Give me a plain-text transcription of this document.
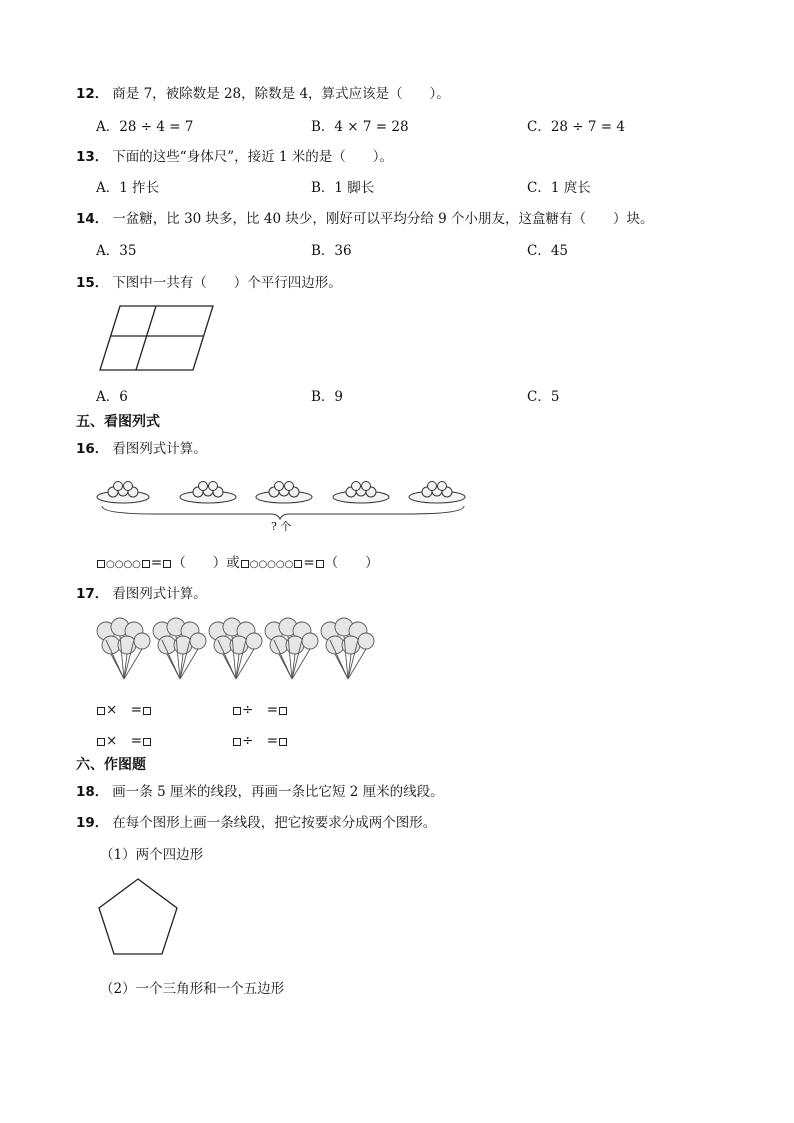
12． 商是 7，被除数是 28，除数是 4，算式应该是（　　）。
A．28 ÷ 4 = 7	B．4 × 7 = 28	C．28 ÷ 7 = 4
13． 下面的这些“身体尺”，接近 1 米的是（　　）。
A．1 拃长	B．1 脚长	C．1 庹长
14． 一盆糖，比 30 块多，比 40 块少，刚好可以平均分给 9 个小朋友，这盒糖有（　　）块。
A．35	B．36	C．45
15． 下图中一共有（　　）个平行四边形。
A．6	B．9	C．5
五、看图列式
16． 看图列式计算。
? 个
○○○○ = （　　）或 ○○○○○ = （　　）
17． 看图列式计算。
×　=	÷　=
×　=	÷　=
六、作图题
18． 画一条 5 厘米的线段，再画一条比它短 2 厘米的线段。
19． 在每个图形上画一条线段，把它按要求分成两个图形。
（1）两个四边形
（2）一个三角形和一个五边形
